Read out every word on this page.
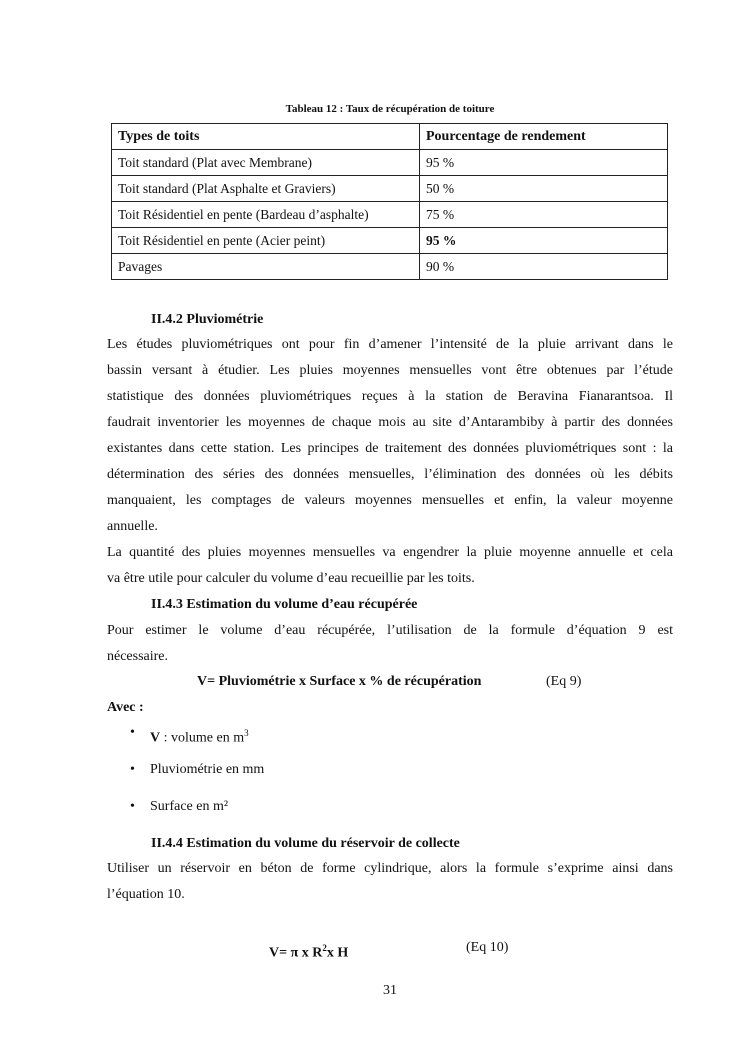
Tableau 12 : Taux de récupération de toiture
Types de toits	Pourcentage de rendement
Toit standard (Plat avec Membrane)	95 %
Toit standard (Plat Asphalte et Graviers)	50 %
Toit Résidentiel en pente (Bardeau d’asphalte)	75 %
Toit Résidentiel en pente (Acier peint)	95 %
Pavages	90 %
II.4.2 Pluviométrie
Les études pluviométriques ont pour fin d’amener l’intensité de la pluie arrivant dans le
bassin versant à étudier. Les pluies moyennes mensuelles vont être obtenues par l’étude
statistique des données pluviométriques reçues à la station de Beravina Fianarantsoa. Il
faudrait inventorier les moyennes de chaque mois au site d’Antarambiby à partir des données
existantes dans cette station. Les principes de traitement des données pluviométriques sont : la
détermination des séries des données mensuelles, l’élimination des données où les débits
manquaient, les comptages de valeurs moyennes mensuelles et enfin, la valeur moyenne
annuelle.
La quantité des pluies moyennes mensuelles va engendrer la pluie moyenne annuelle et cela
va être utile pour calculer du volume d’eau recueillie par les toits.
II.4.3 Estimation du volume d’eau récupérée
Pour estimer le volume d’eau récupérée, l’utilisation de la formule d’équation 9 est
nécessaire.
V= Pluviométrie x Surface x % de récupération	(Eq 9)
Avec :
• V : volume en $m^3$
• Pluviométrie en mm
• Surface en m²
II.4.4 Estimation du volume du réservoir de collecte
Utiliser un réservoir en béton de forme cylindrique, alors la formule s’exprime ainsi dans
l’équation 10.
V= π x $R^2x$ H	(Eq 10)
31
